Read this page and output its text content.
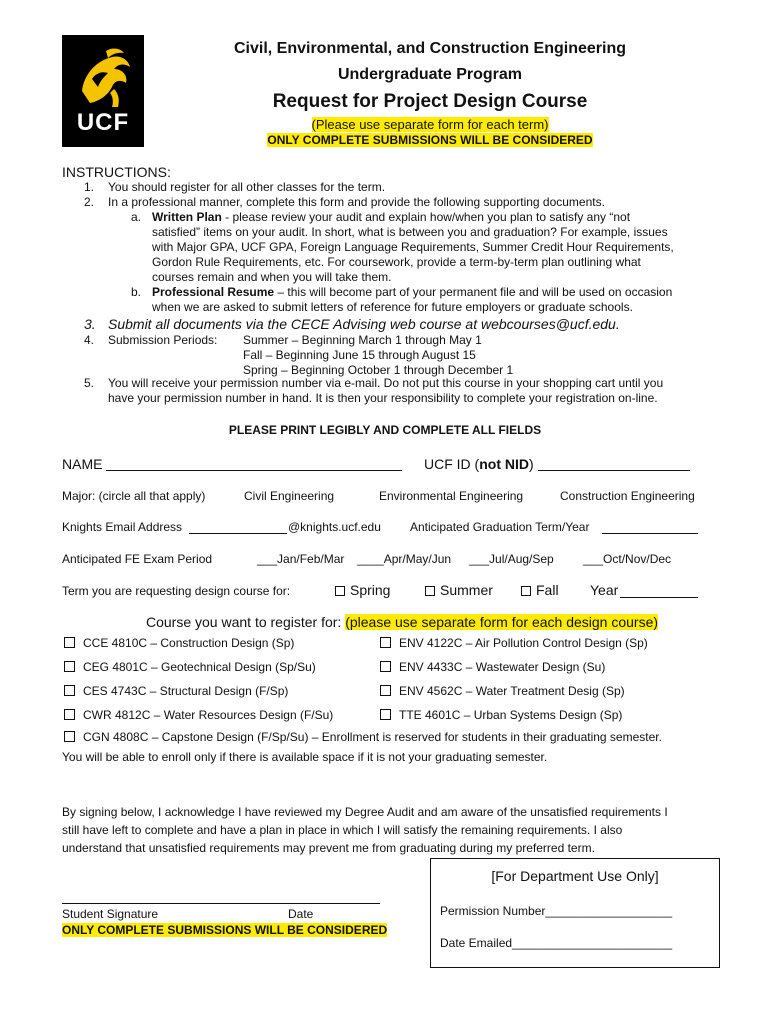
UCF
Civil, Environmental, and Construction Engineering
Undergraduate Program
Request for Project Design Course
(Please use separate form for each term)
ONLY COMPLETE SUBMISSIONS WILL BE CONSIDERED
INSTRUCTIONS:
1. You should register for all other classes for the term.
2. In a professional manner, complete this form and provide the following supporting documents.
a. Written Plan - please review your audit and explain how/when you plan to satisfy any “not
satisfied” items on your audit. In short, what is between you and graduation? For example, issues
with Major GPA, UCF GPA, Foreign Language Requirements, Summer Credit Hour Requirements,
Gordon Rule Requirements, etc. For coursework, provide a term-by-term plan outlining what
courses remain and when you will take them.
b. Professional Resume – this will become part of your permanent file and will be used on occasion
when we are asked to submit letters of reference for future employers or graduate schools.
3. Submit all documents via the CECE Advising web course at webcourses@ucf.edu.
4. Submission Periods: Summer – Beginning March 1 through May 1
Fall – Beginning June 15 through August 15
Spring – Beginning October 1 through December 1
5. You will receive your permission number via e-mail. Do not put this course in your shopping cart until you
have your permission number in hand. It is then your responsibility to complete your registration on-line.
PLEASE PRINT LEGIBLY AND COMPLETE ALL FIELDS
NAME	UCF ID (not NID)
Major: (circle all that apply)	Civil Engineering	Environmental Engineering	Construction Engineering
Knights Email Address	@knights.ucf.edu Anticipated Graduation Term/Year
Anticipated FE Exam Period	___Jan/Feb/Mar ____Apr/May/Jun ___Jul/Aug/Sep ___Oct/Nov/Dec
Term you are requesting design course for:	Spring	Summer	Fall Year
Course you want to register for: (please use separate form for each design course)
CCE 4810C – Construction Design (Sp)
CEG 4801C – Geotechnical Design (Sp/Su)
CES 4743C – Structural Design (F/Sp)
CWR 4812C – Water Resources Design (F/Su)
ENV 4122C – Air Pollution Control Design (Sp)
ENV 4433C – Wastewater Design (Su)
ENV 4562C – Water Treatment Desig (Sp)
TTE 4601C – Urban Systems Design (Sp)
CGN 4808C – Capstone Design (F/Sp/Su) – Enrollment is reserved for students in their graduating semester.
You will be able to enroll only if there is available space if it is not your graduating semester.
By signing below, I acknowledge I have reviewed my Degree Audit and am aware of the unsatisfied requirements I
still have left to complete and have a plan in place in which I will satisfy the remaining requirements. I also
understand that unsatisfied requirements may prevent me from graduating during my preferred term.
Student Signature	Date
ONLY COMPLETE SUBMISSIONS WILL BE CONSIDERED
[For Department Use Only]
Permission Number___________________
Date Emailed________________________
